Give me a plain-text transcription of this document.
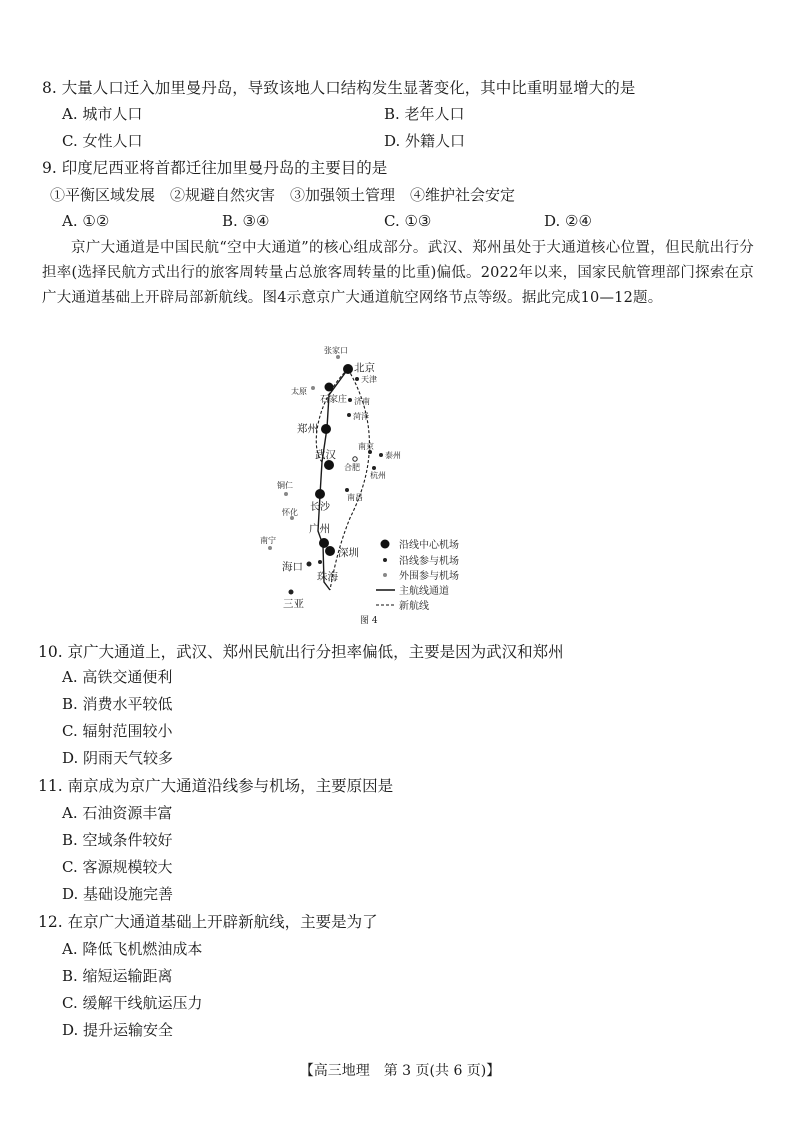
8. 大量人口迁入加里曼丹岛，导致该地人口结构发生显著变化，其中比重明显增大的是
A. 城市人口	B. 老年人口
C. 女性人口	D. 外籍人口
9. 印度尼西亚将首都迁往加里曼丹岛的主要目的是
①平衡区域发展　②规避自然灾害　③加强领土管理　④维护社会安定
A. ①②	B. ③④	C. ①③	D. ②④

京广大通道是中国民航“空中大通道”的核心组成部分。武汉、郑州虽处于大通道核心位置，但民航出行分担率(选择民航方式出行的旅客周转量占总旅客周转量的比重)偏低。2022年以来，国家民航管理部门探索在京广大通道基础上开辟局部新航线。图4示意京广大通道航空网络节点等级。据此完成10—12题。

张家口
北京
天津
太原
石家庄 济南
菏泽
郑州
南京
泰州
武汉
合肥
杭州
铜仁
南昌
怀化 长沙
广州
南宁
深圳
海口
珠海
三亚
沿线中心机场
沿线参与机场
外围参与机场
主航线通道
新航线
图 4
10. 京广大通道上，武汉、郑州民航出行分担率偏低，主要是因为武汉和郑州
A. 高铁交通便利
B. 消费水平较低
C. 辐射范围较小
D. 阴雨天气较多
11. 南京成为京广大通道沿线参与机场，主要原因是
A. 石油资源丰富
B. 空域条件较好
C. 客源规模较大
D. 基础设施完善
12. 在京广大通道基础上开辟新航线，主要是为了
A. 降低飞机燃油成本
B. 缩短运输距离
C. 缓解干线航运压力
D. 提升运输安全
【高三地理　第 3 页(共 6 页)】
